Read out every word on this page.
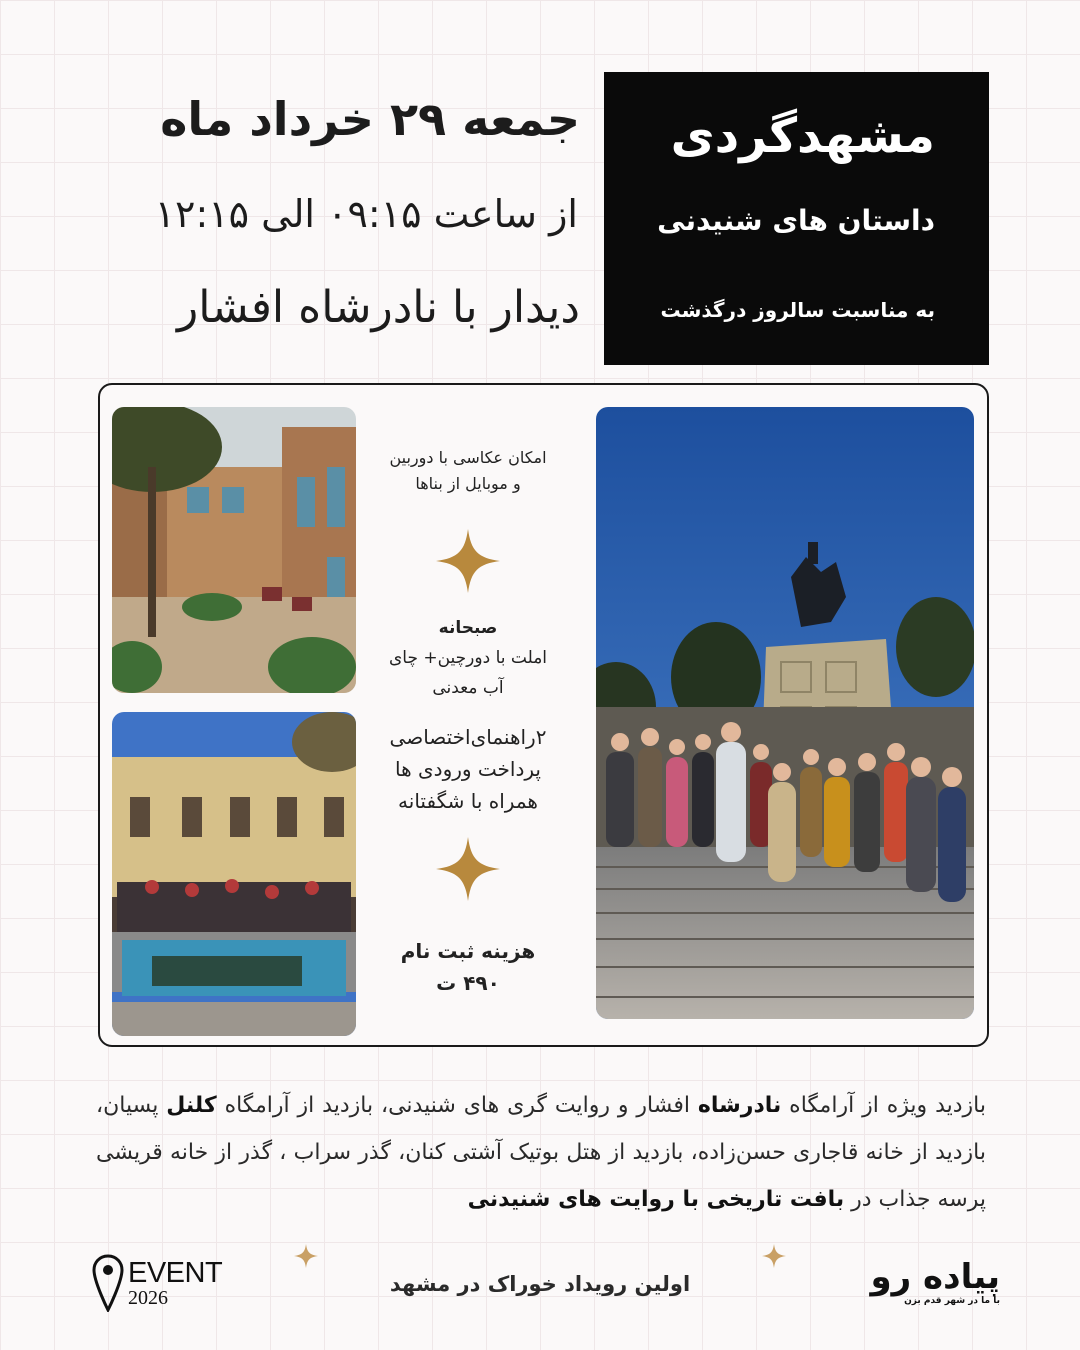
مشهدگردی
داستان های شنیدنی
به مناسبت سالروز درگذشت
جمعه ۲۹ خرداد ماه
از ساعت ۰۹:۱۵ الی ۱۲:۱۵
دیدار با نادرشاه افشار
امکان عکاسی با دوربین
و موبایل از بناها
صبحانه
املت با دورچین+ چای
آب معدنی
۲راهنمای‌اختصاصی
پرداخت ورودی ها
همراه با شگفتانه
هزینه ثبت نام
۴۹۰ ت
بازدید ویژه از آرامگاه نادرشاه افشار و روایت گری های شنیدنی، بازدید از آرامگاه کلنل پسیان، بازدید از خانه قاجاری حسن‌زاده، بازدید از هتل بوتیک آشتی کنان، گذر سراب ، گذر از خانه قریشی پرسه جذاب در بافت تاریخی با روایت های شنیدنی
اولین رویداد خوراک در مشهد
EVENT
2026
پیاده رو
با ما در شهر قدم بزن
